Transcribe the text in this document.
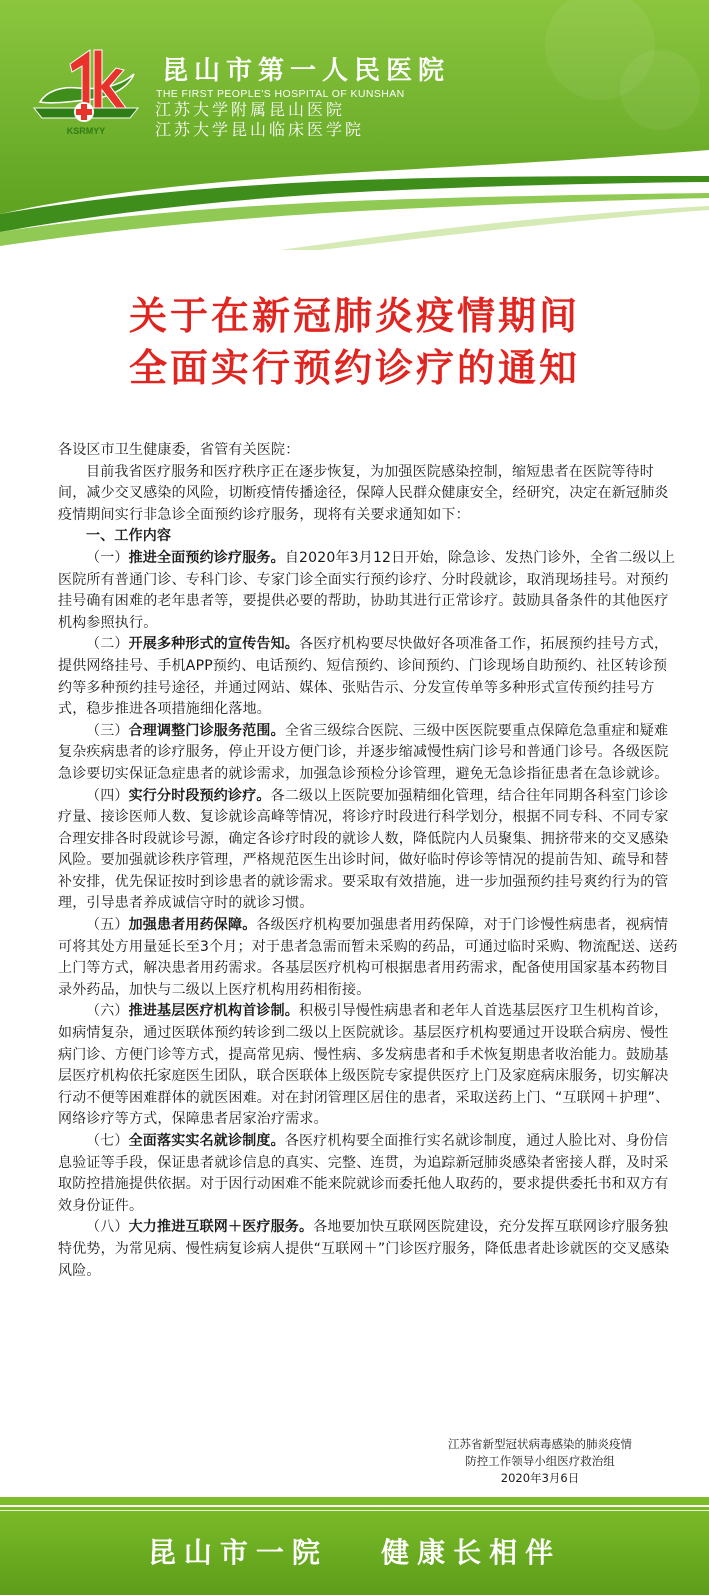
KSRMYY
昆山市第一人民医院
THE FIRST PEOPLE'S HOSPITAL OF KUNSHAN
江苏大学附属昆山医院
江苏大学昆山临床医学院
关于在新冠肺炎疫情期间
全面实行预约诊疗的通知

各设区市卫生健康委，省管有关医院：

目前我省医疗服务和医疗秩序正在逐步恢复，为加强医院感染控制，缩短患者在医院等待时间，减少交叉感染的风险，切断疫情传播途径，保障人民群众健康安全，经研究，决定在新冠肺炎疫情期间实行非急诊全面预约诊疗服务，现将有关要求通知如下：

一、工作内容

（一）推进全面预约诊疗服务。自2020年3月12日开始，除急诊、发热门诊外，全省二级以上医院所有普通门诊、专科门诊、专家门诊全面实行预约诊疗、分时段就诊，取消现场挂号。对预约挂号确有困难的老年患者等，要提供必要的帮助，协助其进行正常诊疗。鼓励具备条件的其他医疗机构参照执行。

（二）开展多种形式的宣传告知。各医疗机构要尽快做好各项准备工作，拓展预约挂号方式，提供网络挂号、手机APP预约、电话预约、短信预约、诊间预约、门诊现场自助预约、社区转诊预约等多种预约挂号途径，并通过网站、媒体、张贴告示、分发宣传单等多种形式宣传预约挂号方式，稳步推进各项措施细化落地。

（三）合理调整门诊服务范围。全省三级综合医院、三级中医医院要重点保障危急重症和疑难复杂疾病患者的诊疗服务，停止开设方便门诊，并逐步缩减慢性病门诊号和普通门诊号。各级医院急诊要切实保证急症患者的就诊需求，加强急诊预检分诊管理，避免无急诊指征患者在急诊就诊。

（四）实行分时段预约诊疗。各二级以上医院要加强精细化管理，结合往年同期各科室门诊诊疗量、接诊医师人数、复诊就诊高峰等情况，将诊疗时段进行科学划分，根据不同专科、不同专家合理安排各时段就诊号源，确定各诊疗时段的就诊人数，降低院内人员聚集、拥挤带来的交叉感染风险。要加强就诊秩序管理，严格规范医生出诊时间，做好临时停诊等情况的提前告知、疏导和替补安排，优先保证按时到诊患者的就诊需求。要采取有效措施，进一步加强预约挂号爽约行为的管理，引导患者养成诚信守时的就诊习惯。

（五）加强患者用药保障。各级医疗机构要加强患者用药保障，对于门诊慢性病患者，视病情可将其处方用量延长至3个月；对于患者急需而暂未采购的药品，可通过临时采购、物流配送、送药上门等方式，解决患者用药需求。各基层医疗机构可根据患者用药需求，配备使用国家基本药物目录外药品，加快与二级以上医疗机构用药相衔接。

（六）推进基层医疗机构首诊制。积极引导慢性病患者和老年人首选基层医疗卫生机构首诊，如病情复杂，通过医联体预约转诊到二级以上医院就诊。基层医疗机构要通过开设联合病房、慢性病门诊、方便门诊等方式，提高常见病、慢性病、多发病患者和手术恢复期患者收治能力。鼓励基层医疗机构依托家庭医生团队，联合医联体上级医院专家提供医疗上门及家庭病床服务，切实解决行动不便等困难群体的就医困难。对在封闭管理区居住的患者，采取送药上门、“互联网＋护理”、网络诊疗等方式，保障患者居家治疗需求。

（七）全面落实实名就诊制度。各医疗机构要全面推行实名就诊制度，通过人脸比对、身份信息验证等手段，保证患者就诊信息的真实、完整、连贯，为追踪新冠肺炎感染者密接人群，及时采取防控措施提供依据。对于因行动困难不能来院就诊而委托他人取药的，要求提供委托书和双方有效身份证件。

（八）大力推进互联网＋医疗服务。各地要加快互联网医院建设，充分发挥互联网诊疗服务独特优势，为常见病、慢性病复诊病人提供“互联网＋”门诊医疗服务，降低患者赴诊就医的交叉感染风险。

江苏省新型冠状病毒感染的肺炎疫情
防控工作领导小组医疗救治组
2020年3月6日
昆山市一院   健康长相伴
